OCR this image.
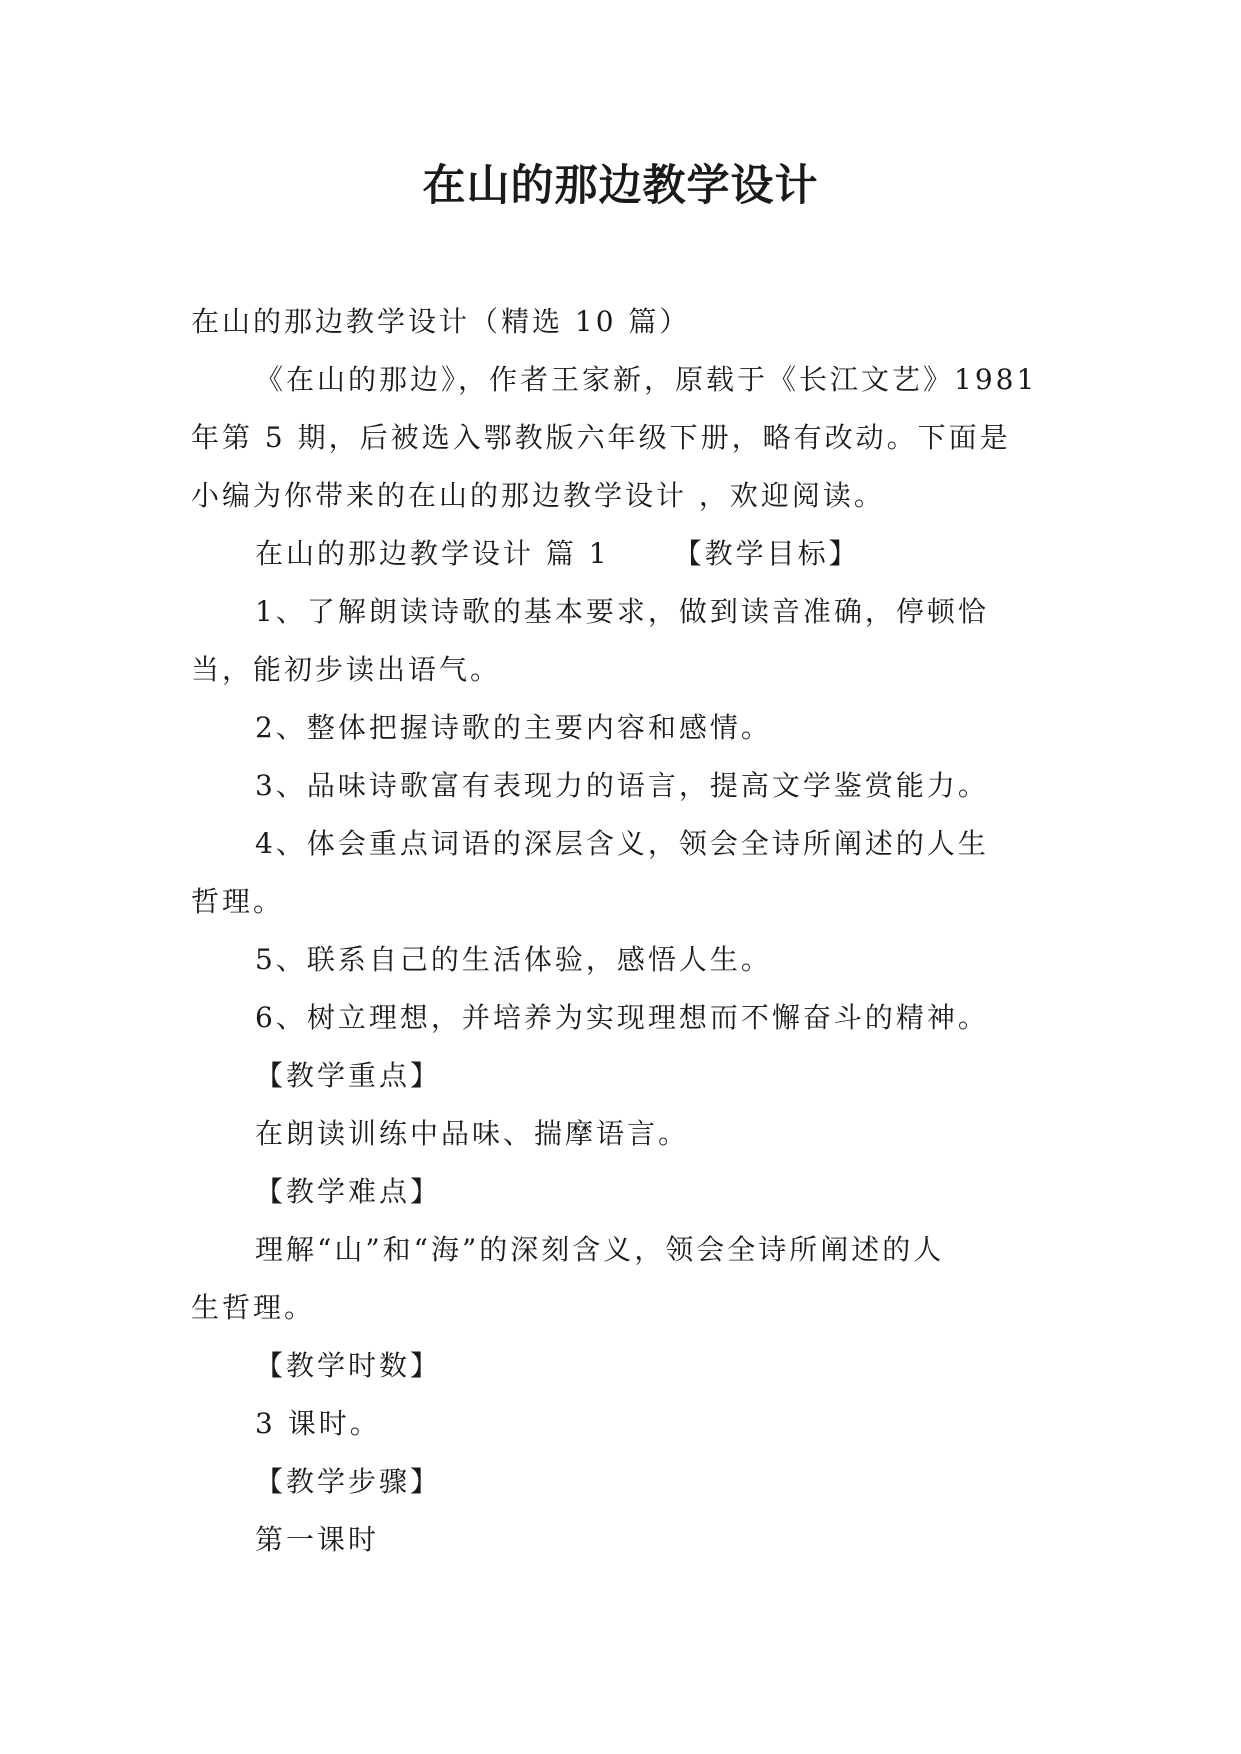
在山的那边教学设计

在山的那边教学设计（精选 10 篇）

《在山的那边》，作者王家新，原载于《长江文艺》1981

年第 5 期，后被选入鄂教版六年级下册，略有改动。下面是

小编为你带来的在山的那边教学设计 ，欢迎阅读。

在山的那边教学设计 篇 1 【教学目标】

1、了解朗读诗歌的基本要求，做到读音准确，停顿恰

当，能初步读出语气。

2、整体把握诗歌的主要内容和感情。

3、品味诗歌富有表现力的语言，提高文学鉴赏能力。

4、体会重点词语的深层含义，领会全诗所阐述的人生

哲理。

5、联系自己的生活体验，感悟人生。

6、树立理想，并培养为实现理想而不懈奋斗的精神。

【教学重点】

在朗读训练中品味、揣摩语言。

【教学难点】

理解“山”和“海”的深刻含义，领会全诗所阐述的人

生哲理。

【教学时数】

3 课时。

【教学步骤】

第一课时
